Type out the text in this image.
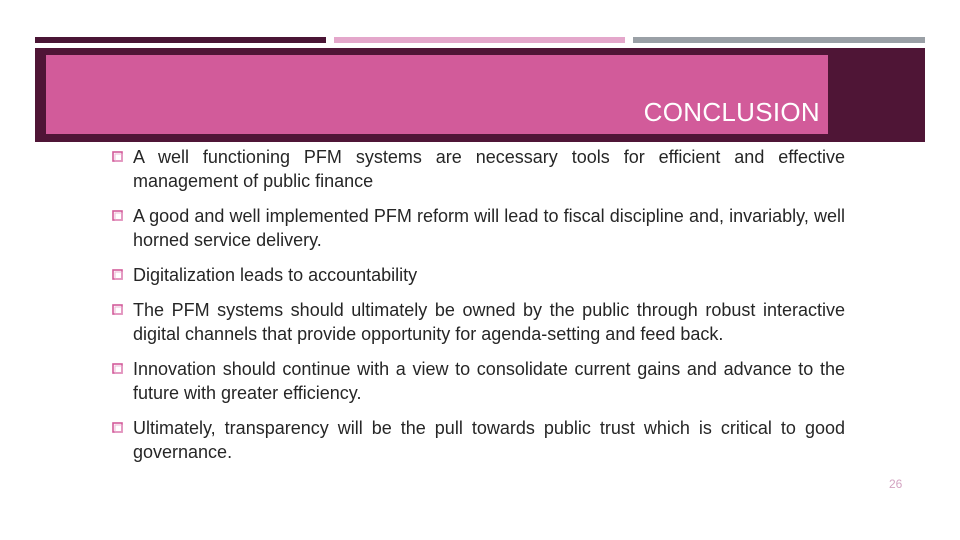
CONCLUSION
A well functioning PFM systems are necessary tools for efficient and effective management of public finance
A good and well implemented PFM reform will lead to fiscal discipline and, invariably, well horned service delivery.
Digitalization leads to accountability
The PFM systems should ultimately be owned by the public through robust interactive digital channels that provide opportunity for agenda-setting and feed back.
Innovation should continue with a view to consolidate current gains and advance to the future with greater efficiency.
Ultimately, transparency will be the pull towards public trust which is critical to good governance.
26
